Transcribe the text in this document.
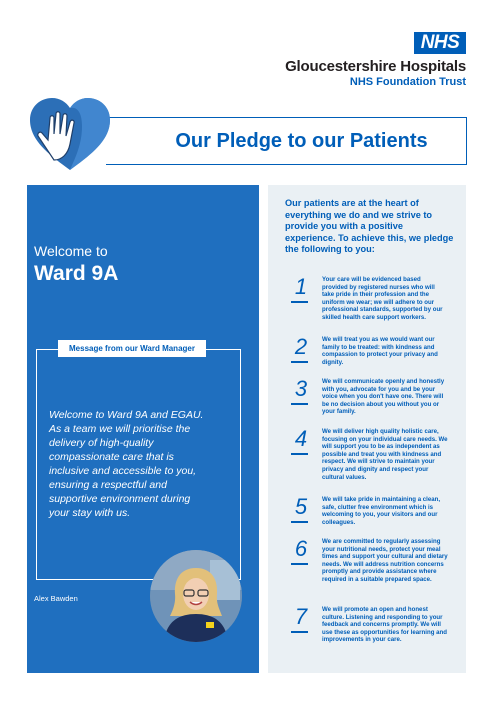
NHS
Gloucestershire Hospitals
NHS Foundation Trust
Our Pledge to our Patients
Welcome to
Ward 9A
Message from our Ward Manager
Welcome to Ward 9A and EGAU. As a team we will prioritise the delivery of high-quality compassionate care that is inclusive and accessible to you, ensuring a respectful and supportive environment during your stay with us.
Alex Bawden
Our patients are at the heart of everything we do and we strive to provide you with a positive experience. To achieve this, we pledge the following to you:
1	Your care will be evidenced based provided by registered nurses who will take pride in their profession and the uniform we wear; we will adhere to our professional standards, supported by our skilled health care support workers.
2	We will treat you as we would want our family to be treated: with kindness and compassion to protect your privacy and dignity.
3	We will communicate openly and honestly with you, advocate for you and be your voice when you don't have one. There will be no decision about you without you or your family.
4	We will deliver high quality holistic care, focusing on your individual care needs. We will support you to be as independent as possible and treat you with kindness and respect. We will strive to maintain your privacy and dignity and respect your cultural values.
5	We will take pride in maintaining a clean, safe, clutter free environment which is welcoming to you, your visitors and our colleagues.
6	We are committed to regularly assessing your nutritional needs, protect your meal times and support your cultural and dietary needs. We will address nutrition concerns promptly and provide assistance where required in a suitable prepared space.
7	We will promote an open and honest culture. Listening and responding to your feedback and concerns promptly. We will use these as opportunities for learning and improvements in your care.
